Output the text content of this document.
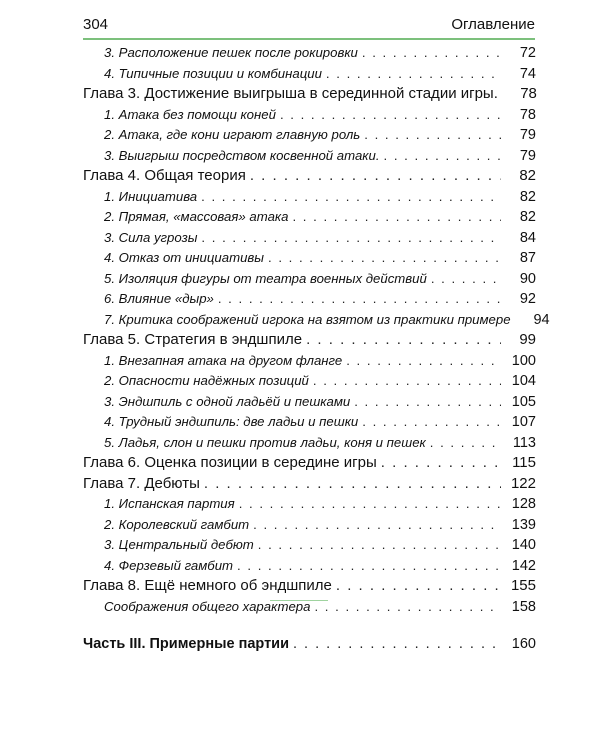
304	Оглавление
3. Расположение пешек после рокировки . . .	72
4. Типичные позиции и комбинации . . .	74
Глава 3. Достижение выигрыша в серединной стадии игры.	78
1. Атака без помощи коней . . .	78
2. Атака, где кони играют главную роль . . .	79
3. Выигрыш посредством косвенной атаки. . . .	79
Глава 4. Общая теория . . .	82
1. Инициатива . . .	82
2. Прямая, «массовая» атака . . .	82
3. Сила угрозы . . .	84
4. Отказ от инициативы . . .	87
5. Изоляция фигуры от театра военных действий . . .	90
6. Влияние «дыр» . . .	92
7. Критика соображений игрока на взятом из практики примере	94
Глава 5. Стратегия в эндшпиле . . .	99
1. Внезапная атака на другом фланге . . .	100
2. Опасности надёжных позиций . . .	104
3. Эндшпиль с одной ладьёй и пешками . . .	105
4. Трудный эндшпиль: две ладьи и пешки . . .	107
5. Ладья, слон и пешки против ладьи, коня и пешек . . .	113
Глава 6. Оценка позиции в середине игры . . .	115
Глава 7. Дебюты . . .	122
1. Испанская партия . . .	128
2. Королевский гамбит . . .	139
3. Центральный дебют . . .	140
4. Ферзевый гамбит . . .	142
Глава 8. Ещё немного об эндшпиле . . .	155
Соображения общего характера . . .	158
Часть III. Примерные партии . . .	160
